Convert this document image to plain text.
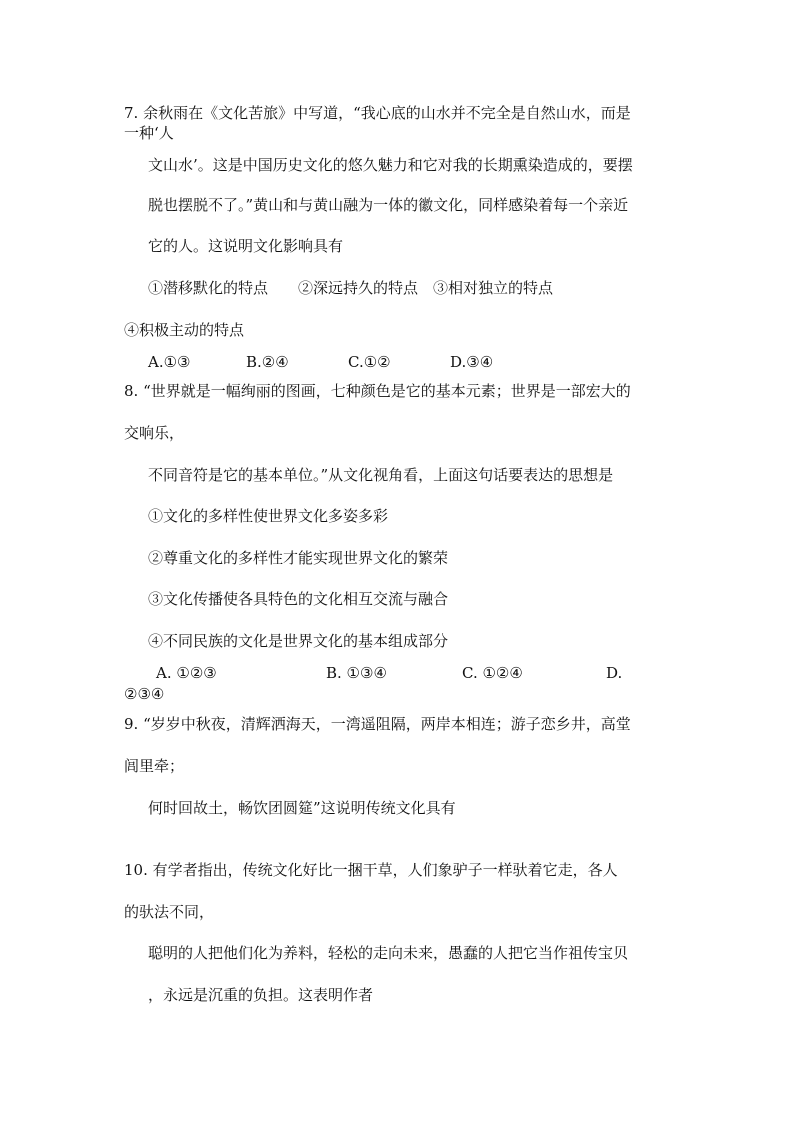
7. 余秋雨在《文化苦旅》中写道，“我心底的山水并不完全是自然山水，而是
一种‘人
文山水’。这是中国历史文化的悠久魅力和它对我的长期熏染造成的，要摆
脱也摆脱不了。”黄山和与黄山融为一体的徽文化，同样感染着每一个亲近
它的人。这说明文化影响具有
①潜移默化的特点　　②深远持久的特点　③相对独立的特点
④积极主动的特点
A.①③	B.②④	C.①②	D.③④
8. “世界就是一幅绚丽的图画，七种颜色是它的基本元素；世界是一部宏大的
交响乐，
不同音符是它的基本单位。”从文化视角看，上面这句话要表达的思想是
①文化的多样性使世界文化多姿多彩
②尊重文化的多样性才能实现世界文化的繁荣
③文化传播使各具特色的文化相互交流与融合
④不同民族的文化是世界文化的基本组成部分
A. ①②③	B. ①③④	C. ①②④	D.
②③④
9. “岁岁中秋夜，清辉洒海天，一湾遥阻隔，两岸本相连；游子恋乡井，高堂
闾里牵；
何时回故土，畅饮团圆筵”这说明传统文化具有
10. 有学者指出，传统文化好比一捆干草，人们象驴子一样驮着它走，各人
的驮法不同，
聪明的人把他们化为养料，轻松的走向未来，愚蠢的人把它当作祖传宝贝
，永远是沉重的负担。这表明作者
